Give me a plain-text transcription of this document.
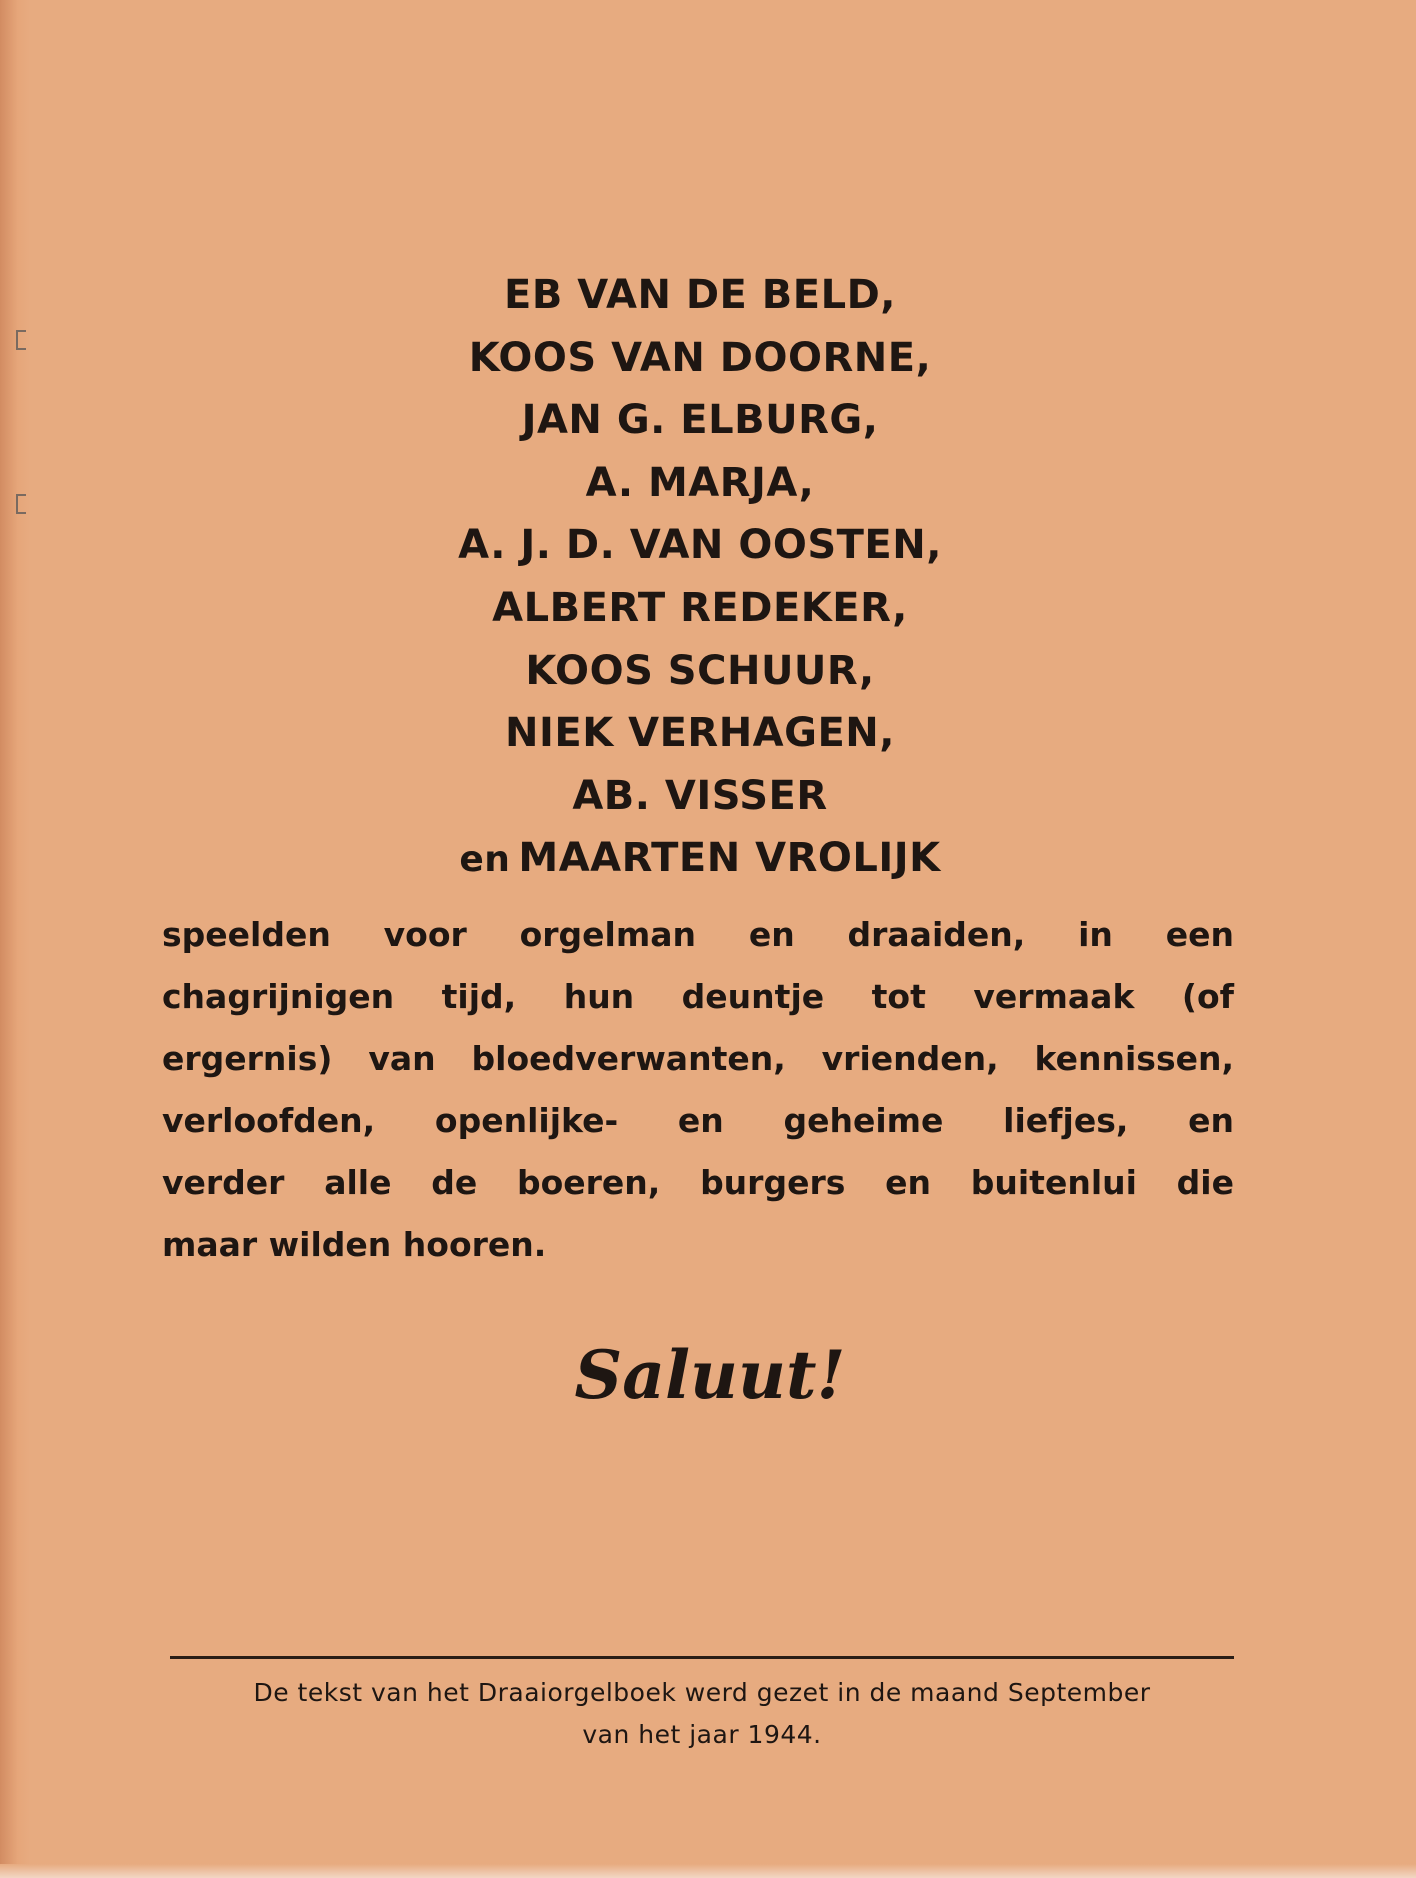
EB VAN DE BELD,
KOOS VAN DOORNE,
JAN G. ELBURG,
A. MARJA,
A. J. D. VAN OOSTEN,
ALBERT REDEKER,
KOOS SCHUUR,
NIEK VERHAGEN,
AB. VISSER
en MAARTEN VROLIJK
speelden voor orgelman en draaiden, in een
chagrijnigen tijd, hun deuntje tot vermaak (of
ergernis) van bloedverwanten, vrienden, kennissen,
verloofden, openlijke- en geheime liefjes, en
verder alle de boeren, burgers en buitenlui die
maar wilden hooren.
Saluut!
De tekst van het Draaiorgelboek werd gezet in de maand September
van het jaar 1944.
